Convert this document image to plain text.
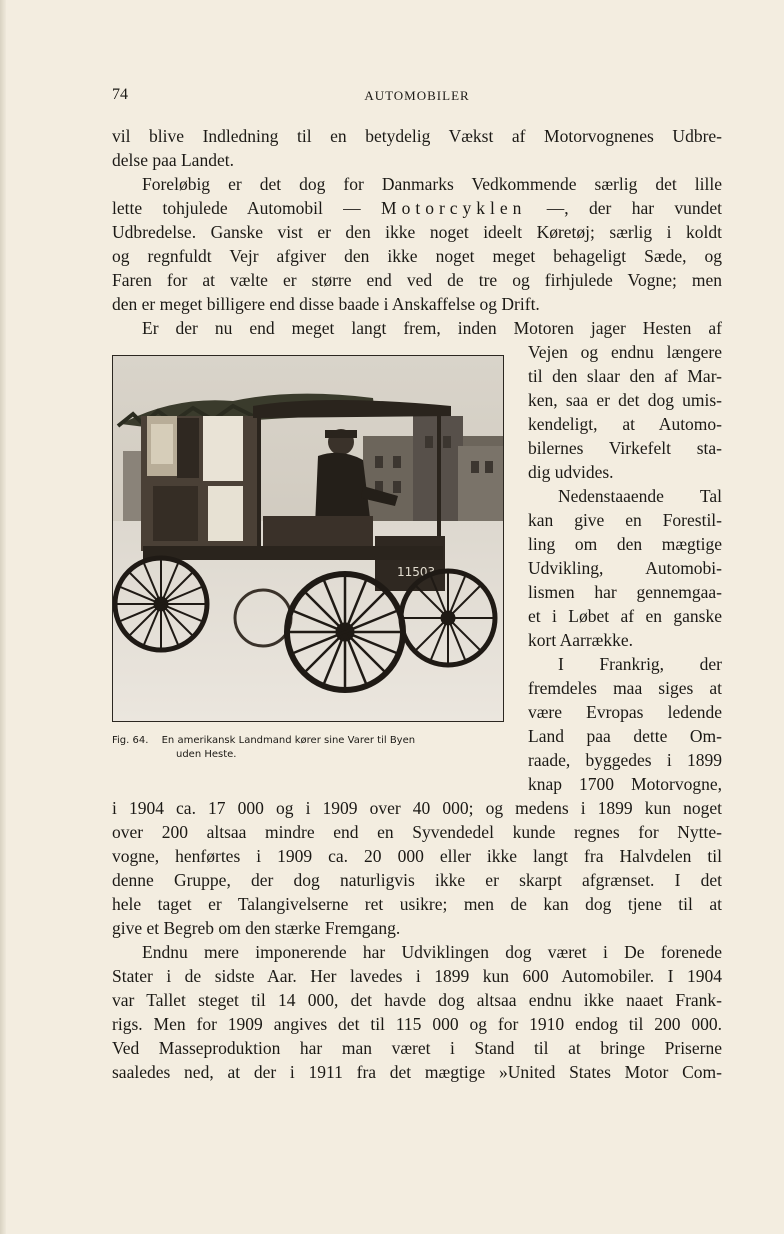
74	AUTOMOBILER
vil blive Indledning til en betydelig Vækst af Motorvognenes Udbre-
delse paa Landet.
Foreløbig er det dog for Danmarks Vedkommende særlig det lille
lette tohjulede Automobil — Motorcyklen —, der har vundet
Udbredelse. Ganske vist er den ikke noget ideelt Køretøj; særlig i koldt
og regnfuldt Vejr afgiver den ikke noget meget behageligt Sæde, og
Faren for at vælte er større end ved de tre og firhjulede Vogne; men
den er meget billigere end disse baade i Anskaffelse og Drift.
Er der nu end meget langt frem, inden Motoren jager Hesten af
Vejen og endnu længere
til den slaar den af Mar-
ken, saa er det dog umis-
kendeligt, at Automo-
bilernes Virkefelt sta-
dig udvides.
Nedenstaaende Tal
kan give en Forestil-
ling om den mægtige
Udvikling, Automobi-
lismen har gennemgaa-
et i Løbet af en ganske
kort Aarrække.
I Frankrig, der
fremdeles maa siges at
være Evropas ledende
Land paa dette Om-
raade, byggedes i 1899
knap 1700 Motorvogne,
i 1904 ca. 17 000 og i 1909 over 40 000; og medens i 1899 kun noget
over 200 altsaa mindre end en Syvendedel kunde regnes for Nytte-
vogne, henførtes i 1909 ca. 20 000 eller ikke langt fra Halvdelen til
denne Gruppe, der dog naturligvis ikke er skarpt afgrænset. I det
hele taget er Talangivelserne ret usikre; men de kan dog tjene til at
give et Begreb om den stærke Fremgang.
Endnu mere imponerende har Udviklingen dog været i De forenede
Stater i de sidste Aar. Her lavedes i 1899 kun 600 Automobiler. I 1904
var Tallet steget til 14 000, det havde dog altsaa endnu ikke naaet Frank-
rigs. Men for 1909 angives det til 115 000 og for 1910 endog til 200 000.
Ved Masseproduktion har man været i Stand til at bringe Priserne
saaledes ned, at der i 1911 fra det mægtige »United States Motor Com-
11503
Fig. 64. En amerikansk Landmand kører sine Varer til Byen
uden Heste.
